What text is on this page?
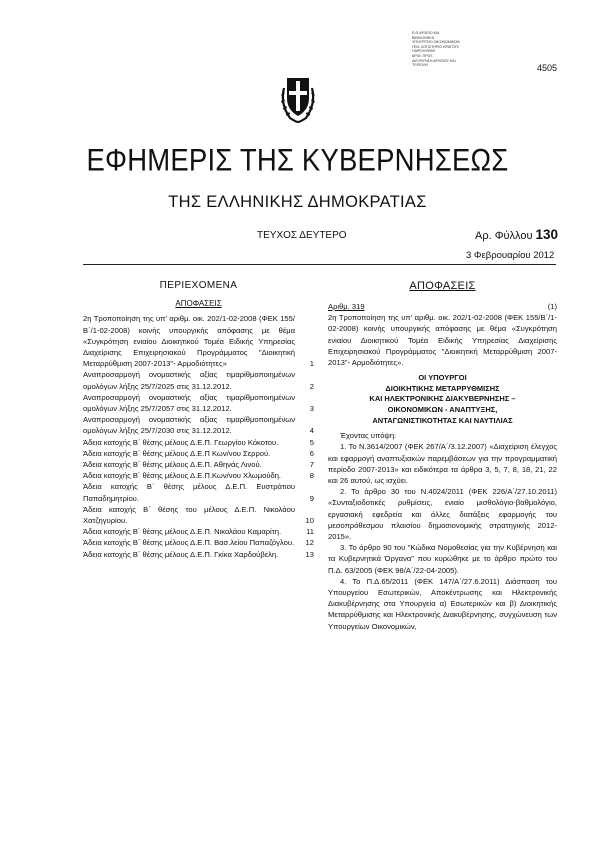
Ε.Θ.ΑΡΧΕΙΟ ΚΑΙ
ΒΙΒΛΙΟΘΗΚΗ
ΥΠΟΥΡΓΕΙΟ ΟΙΚΟΝΟΜΙΚΩΝ
ΓΕΝ. ΛΟΓΙΣΤΗΡΙΟ ΚΡΑΤΟΥΣ
ΠΑΡΕΛΗΦΘΗ
ΑΡΙΘ. ΠΡΩΤ.
ΔΙΕΥΘΥΝΣΗ ΑΡΧΕΙΟΥ ΚΑΙ
ΤΡΙΠΟΛΗ	4505
ΕΦΗΜΕΡΙΣ ΤΗΣ ΚΥΒΕΡΝΗΣΕΩΣ
ΤΗΣ ΕΛΛΗΝΙΚΗΣ ΔΗΜΟΚΡΑΤΙΑΣ
ΤΕΥΧΟΣ ΔΕΥΤΕΡΟ	Αρ. Φύλλου 130
3 Φεβρουαρίου 2012
ΠΕΡΙΕΧΟΜΕΝΑ
ΑΠΟΦΑΣΕΙΣ
2η Τροποποίηση της υπ' αριθμ. οικ. 202/1-02-2008 (ΦΕΚ 155/Β΄/1-02-2008) κοινής υπουργικής απόφασης με θέμα «Συγκρότηση ενιαίου Διοικητικού Τομέα Ειδικής Υπηρεσίας Διαχείρισης Επιχειρησιακού Προγράμματος "Διοικητική Μεταρρύθμιση 2007-2013"- Αρμοδιότητες»	1
Αναπροσαρμογή ονομαστικής αξίας τιμαρίθμοποιημένων ομολόγων λήξης 25/7/2025 στις 31.12.2012.	2
Αναπροσαρμογή ονομαστικής αξίας τιμαρίθμοποιημένων ομολόγων λήξης 25/7/2057 στις 31.12.2012.	3
Αναπροσαρμογή ονομαστικής αξίας τιμαρίθμοποιημένων ομολόγων λήξης 25/7/2030 στις 31.12.2012.	4
Άδεια κατοχής Β΄ θέσης μέλους Δ.Ε.Π. Γεωργίου Κόκοτου.	5
Άδεια κατοχής Β΄ θέσης μέλους Δ.Ε.Π Κων/νου Σερρού.	6
Άδεια κατοχής Β΄ θέσης μέλους Δ.Ε.Π. Αθηνάς Λινού.	7
Άδεια κατοχής Β΄ θέσης μέλους Δ.Ε.Π.Κων/νου Χλωμούδη.	8
Άδεια κατοχής Β΄ θέσης μέλους Δ.Ε.Π. Ευστράτιου Παπαδημητρίου.	9
Άδεια κατοχής Β΄ θέσης του μέλους Δ.Ε.Π. Νικολάου Χατζηγυρίου.	10
Άδεια κατοχής Β΄ θέσης μέλους Δ.Ε.Π. Νικολάου Καμαρίτη.	11
Άδεια κατοχής Β΄ θέσης μέλους Δ.Ε.Π. Βασ.λείου Παπαζόγλου.	12
Άδεια κατοχής Β΄ θέσης μέλους Δ.Ε.Π. Γκίκα Χαρδούβελη.	13
ΑΠΟΦΑΣΕΙΣ
Αριθμ. 319	(1)
2η Τροποποίηση της υπ' αριθμ. οικ. 202/1-02-2008 (ΦΕΚ 155/Β΄/1-02-2008) κοινής υπουργικής απόφασης με θέμα «Συγκρότηση ενιαίου Διοικητικού Τομέα Ειδικής Υπηρεσίας Διαχείρισης Επιχειρησιακού Προγράμματος "Διοικητική Μεταρρύθμιση 2007-2013"- Αρμοδιότητες».
ΟΙ ΥΠΟΥΡΓΟΙ
ΔΙΟΙΚΗΤΙΚΗΣ ΜΕΤΑΡΡΥΘΜΙΣΗΣ
ΚΑΙ ΗΛΕΚΤΡΟΝΙΚΗΣ ΔΙΑΚΥΒΕΡΝΗΣΗΣ –
ΟΙΚΟΝΟΜΙΚΩΝ - ΑΝΑΠΤΥΞΗΣ,
ΑΝΤΑΓΩΝΙΣΤΙΚΟΤΗΤΑΣ ΚΑΙ ΝΑΥΤΙΛΙΑΣ
Έχοντας υπόψη:
1. Το Ν.3614/2007 (ΦΕΚ 267/Α΄/3.12.2007) «Διαχείριση έλεγχος και εφαρμογή αναπτυξιακών παρεμβάσεων για την προγραμματική περίοδο 2007-2013» και ειδικότερα τα άρθρα 3, 5, 7, 8, 18, 21, 22 και 26 αυτού, ως ισχύει.
2. Το άρθρο 30 του Ν.4024/2011 (ΦΕΚ 226/Α΄/27.10.2011) «Συνταξιοδοτικές ρυθμίσεις, ενιαίο μισθολόγιο-βαθμολόγιο, εργασιακή εφεδρεία και άλλες διατάξεις εφαρμογής του μεσοπρόθεσμου πλαισίου δημοσιονομικής στρατηγικής 2012-2015».
3. Το άρθρο 90 του "Κώδικα Νομοθεσίας για την Κυβέρνηση και τα Κυβερνητικά Όργανα" που κυρώθηκε με το άρθρο πρώτο του Π.Δ. 63/2005 (ΦΕΚ 98/Α΄/22-04-2005).
4. Το Π.Δ.65/2011 (ΦΕΚ 147/Α΄/27.6.2011) Διάσπαση του Υπουργείου Εσωτερικών, Αποκέντρωσης και Ηλεκτρονικής Διακυβέρνησης στα Υπουργεία α) Εσωτερικών και β) Διοικητικής Μεταρρύθμισης και Ηλεκτρονικής Διακυβέρνησης, συγχώνευση των Υπουργείων Οικονομικών,
